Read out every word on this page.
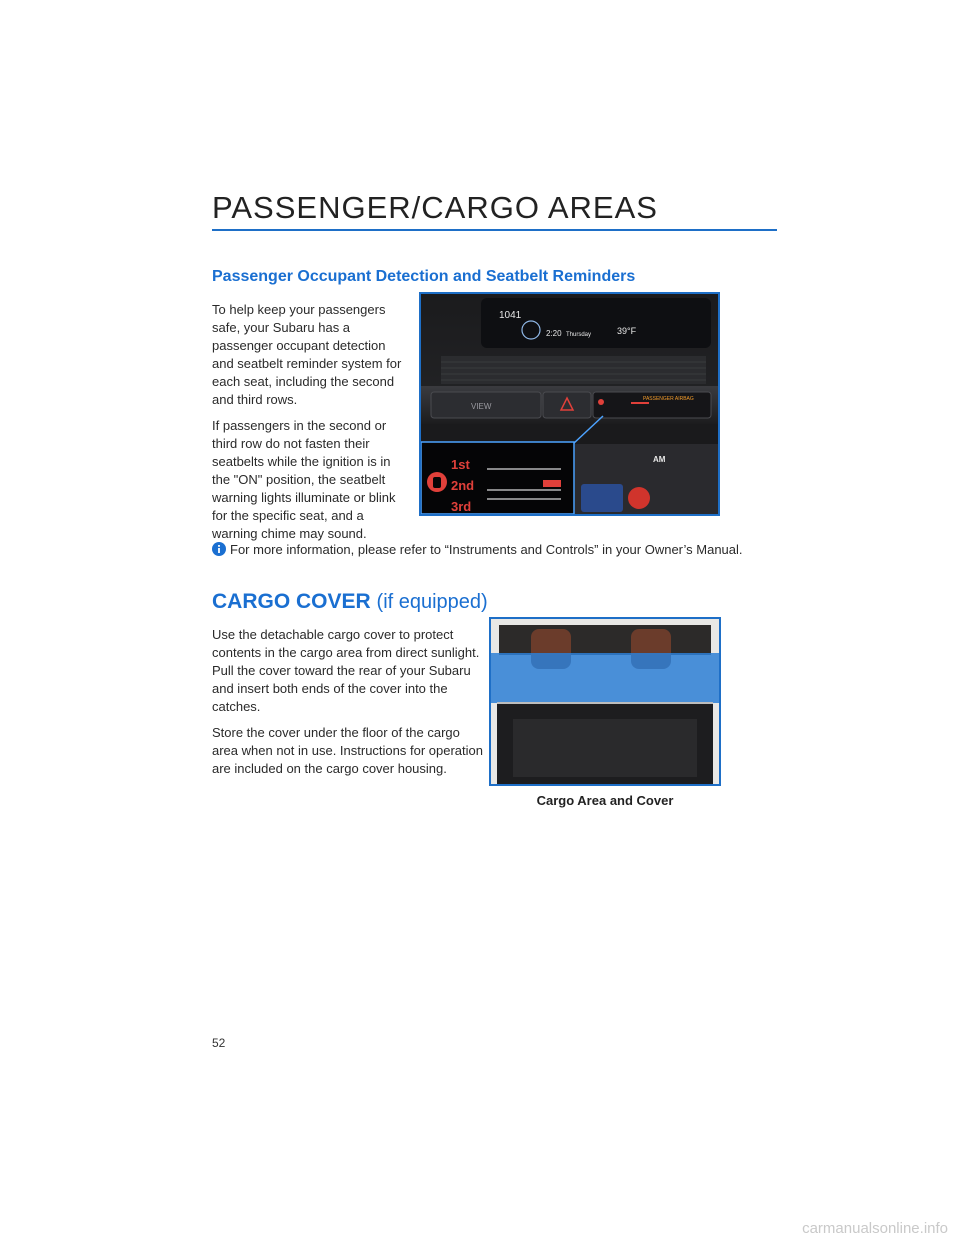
PASSENGER/CARGO AREAS
Passenger Occupant Detection and Seatbelt Reminders

To help keep your passengers safe, your Subaru has a passenger occupant detection and seatbelt reminder system for each seat, including the second and third rows.

If passengers in the second or third row do not fasten their seatbelts while the ignition is in the "ON" position, the seatbelt warning lights illuminate or blink for the specific seat, and a warning chime may sound.

1041
39°F
2:20 Thursday
VIEW
PASSENGER AIRBAG
AM
1st
2nd
3rd
For more information, please refer to “Instruments and Controls” in your Owner’s Manual.
CARGO COVER (if equipped)

Use the detachable cargo cover to protect contents in the cargo area from direct sunlight. Pull the cover toward the rear of your Subaru and insert both ends of the cover into the catches.

Store the cover under the floor of the cargo area when not in use. Instructions for operation are included on the cargo cover housing.

Cargo Area and Cover
52
carmanualsonline.info
